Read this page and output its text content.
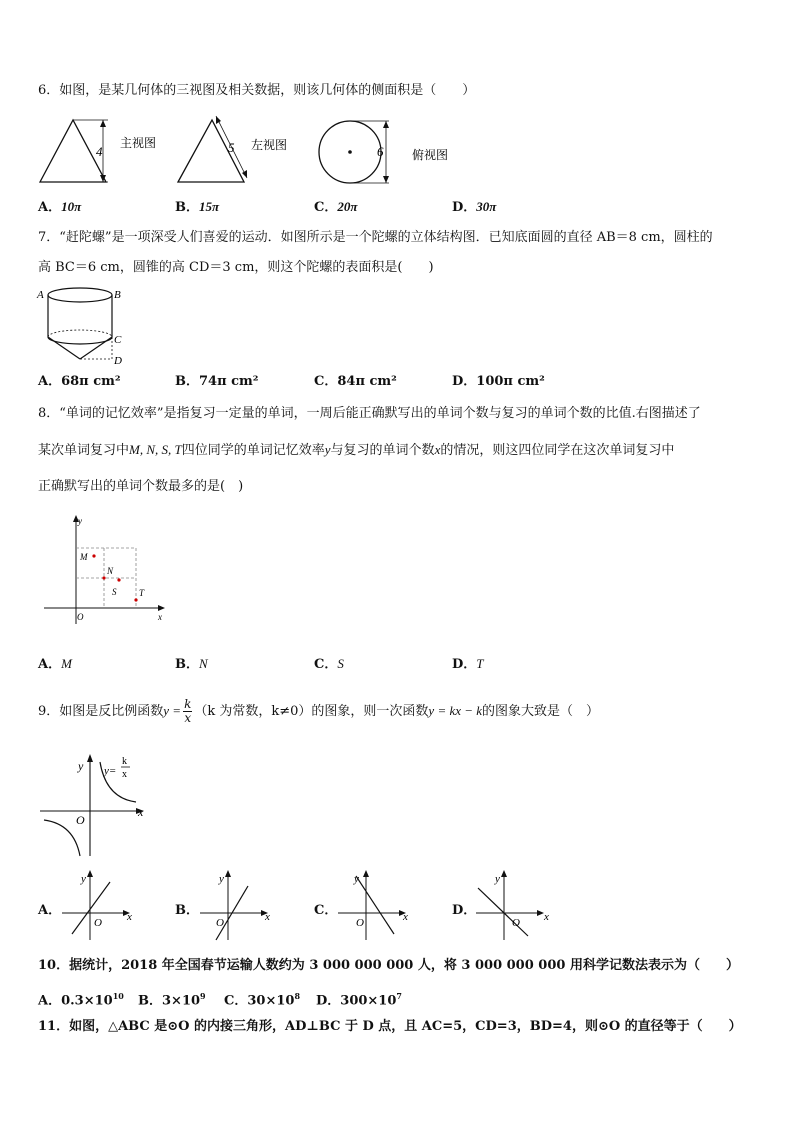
6．如图，是某几何体的三视图及相关数据，则该几何体的侧面积是（　　）
4
主视图	5 左视图	6 俯视图
A．10π	B．15π	C．20π	D．30π
7．“赶陀螺”是一项深受人们喜爱的运动．如图所示是一个陀螺的立体结构图．已知底面圆的直径 AB＝8 cm，圆柱的
高 BC＝6 cm，圆锥的高 CD＝3 cm，则这个陀螺的表面积是(　　)
A	B
C
D
A．68π cm²	B．74π cm²	C．84π cm²	D．100π cm²
8．“单词的记忆效率”是指复习一定量的单词，一周后能正确默写出的单词个数与复习的单词个数的比值.右图描述了
某次单词复习中M, N, S, T四位同学的单词记忆效率y与复习的单词个数x的情况，则这四位同学在这次单词复习中
正确默写出的单词个数最多的是(　)
y
x
O
M
N
S	T
A．M	B．N	C．S	D．T
9．如图是反比例函数$y = \frac{k}{x} (k$ 为常数，k≠0）的图象，则一次函数y = kx − k的图象大致是（　）
y
x
O
y=
k
x
A．
y
x
O
B．
y
x
O
C．
y
x
O
D．
y
x
O
10．据统计，2018 年全国春节运输人数约为 3 000 000 000 人，将 3 000 000 000 用科学记数法表示为（　　）
A．$0.3\times 10^{10}$ B．$3\times 10^9$ C．$30\times 10^8$ D．$300\times 10^7$
11．如图，△ABC 是⊙O 的内接三角形，AD⊥BC 于 D 点，且 AC=5，CD=3，BD=4，则⊙O 的直径等于（　　）
